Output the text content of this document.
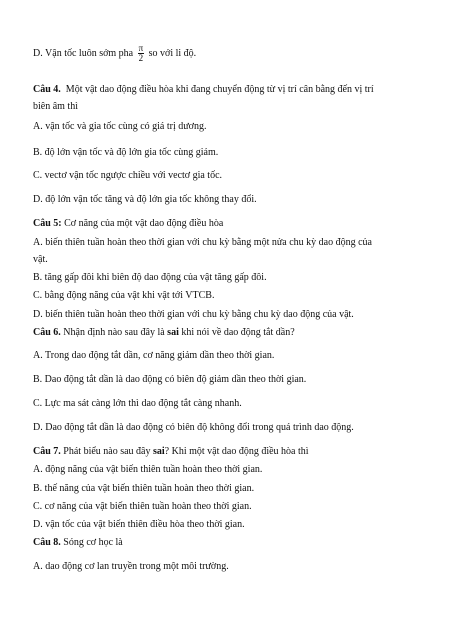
D. Vận tốc luôn sớm pha $\frac{\pi}{2}$ so với li độ.
Câu 4. Một vật dao động điều hòa khi đang chuyển động từ vị trí cân bằng đến vị trí
biên âm thì
A. vận tốc và gia tốc cùng có giá trị dương.
B. độ lớn vận tốc và độ lớn gia tốc cùng giảm.
C. vectơ vận tốc ngược chiều với vectơ gia tốc.
D. độ lớn vận tốc tăng và độ lớn gia tốc không thay đổi.
Câu 5: Cơ năng của một vật dao động điều hòa
A. biến thiên tuần hoàn theo thời gian với chu kỳ bằng một nửa chu kỳ dao động của
vật.
B. tăng gấp đôi khi biên độ dao động của vật tăng gấp đôi.
C. bằng động năng của vật khi vật tới VTCB.
D. biến thiên tuần hoàn theo thời gian với chu kỳ bằng chu kỳ dao động của vật.
Câu 6. Nhận định nào sau đây là sai khi nói về dao động tắt dần?
A. Trong dao động tắt dần, cơ năng giảm dần theo thời gian.
B. Dao động tắt dần là dao động có biên độ giảm dần theo thời gian.
C. Lực ma sát càng lớn thì dao động tắt càng nhanh.
D. Dao động tắt dần là dao động có biên độ không đổi trong quá trình dao động.
Câu 7. Phát biểu nào sau đây sai? Khi một vật dao động điều hòa thì
A. động năng của vật biến thiên tuần hoàn theo thời gian.
B. thế năng của vật biến thiên tuần hoàn theo thời gian.
C. cơ năng của vật biến thiên tuần hoàn theo thời gian.
D. vận tốc của vật biến thiên điều hòa theo thời gian.
Câu 8. Sóng cơ học là
A. dao động cơ lan truyền trong một môi trường.
